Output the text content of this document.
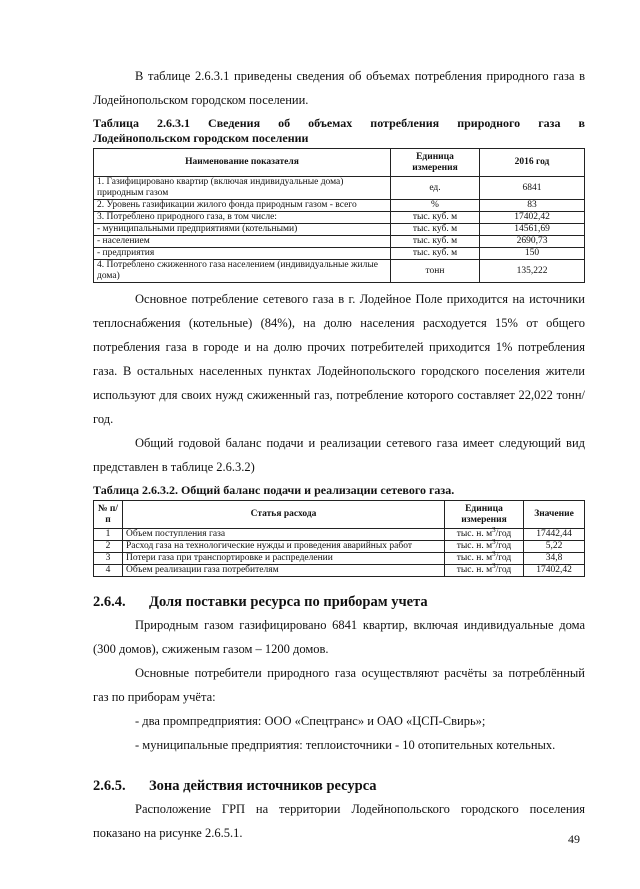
В таблице 2.6.3.1 приведены сведения об объемах потребления природного газа в Лодейнопольском городском поселении.

Таблица 2.6.3.1 Сведения об объемах потребления природного газа в
Лодейнопольском городском поселении
Наименование показателя	Единица измерения	2016 год
1. Газифицировано квартир (включая индивидуальные дома) природным газом	ед.	6841
2. Уровень газификации жилого фонда природным газом - всего	%	83
3. Потреблено природного газа, в том числе:	тыс. куб. м	17402,42
- муниципальными предприятиями (котельными)	тыс. куб. м	14561,69
- населением	тыс. куб. м	2690,73
- предприятия	тыс. куб. м	150
4. Потреблено сжиженного газа населением (индивидуальные жилые дома)	тонн	135,222

Основное потребление сетевого газа в г. Лодейное Поле приходится на источники теплоснабжения (котельные) (84%), на долю населения расходуется 15% от общего потребления газа в городе и на долю прочих потребителей приходится 1% потребления газа. В остальных населенных пунктах Лодейнопольского городского поселения жители используют для своих нужд сжиженный газ, потребление которого составляет 22,022 тонн/год.

Общий годовой баланс подачи и реализации сетевого газа имеет следующий вид представлен в таблице 2.6.3.2)

Таблица 2.6.3.2. Общий баланс подачи и реализации сетевого газа.
№ п/п	Статья расхода	Единица измерения	Значение
1	Объем поступления газа	тыс. н. $м^3$/год	17442,44
2	Расход газа на технологические нужды и проведения аварийных работ	тыс. н. $м^3$/год	5,22
3	Потери газа при транспортировке и распределении	тыс. н. $м^3$/год	34,8
4	Объем реализации газа потребителям	тыс. н. $м^3$/год	17402,42
2.6.4. Доля поставки ресурса по приборам учета

Природным газом газифицировано 6841 квартир, включая индивидуальные дома (300 домов), сжиженым газом – 1200 домов.

Основные потребители природного газа осуществляют расчёты за потреблённый газ по приборам учёта:

- два промпредприятия: ООО «Спецтранс» и ОАО «ЦСП-Свирь»;

- муниципальные предприятия: теплоисточники - 10 отопительных котельных.

2.6.5. Зона действия источников ресурса

Расположение ГРП на территории Лодейнопольского городского поселения показано на рисунке 2.6.5.1.	49
